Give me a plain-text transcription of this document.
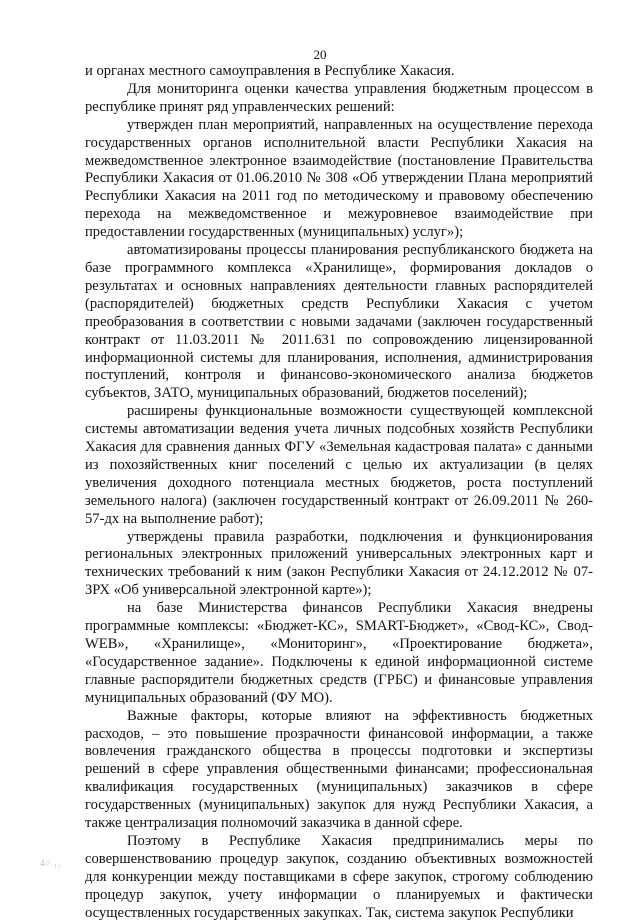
20

и органах местного самоуправления в Республике Хакасия.

Для мониторинга оценки качества управления бюджетным процессом в республике принят ряд управленческих решений:

утвержден план мероприятий, направленных на осуществление перехода государственных органов исполнительной власти Республики Хакасия на межведомственное электронное взаимодействие (постановление Правительства Республики Хакасия от 01.06.2010 № 308 «Об утверждении Плана мероприятий Республики Хакасия на 2011 год по методическому и правовому обеспечению перехода на межведомственное и межуровневое взаимодействие при предоставлении государственных (муниципальных) услуг»);

автоматизированы процессы планирования республиканского бюджета на базе программного комплекса «Хранилище», формирования докладов о результатах и основных направлениях деятельности главных распорядителей (распорядителей) бюджетных средств Республики Хакасия с учетом преобразования в соответствии с новыми задачами (заключен государственный контракт от 11.03.2011 № 2011.631 по сопровождению лицензированной информационной системы для планирования, исполнения, администрирования поступлений, контроля и финансово-экономического анализа бюджетов субъектов, ЗАТО, муниципальных образований, бюджетов поселений);

расширены функциональные возможности существующей комплексной системы автоматизации ведения учета личных подсобных хозяйств Республики Хакасия для сравнения данных ФГУ «Земельная кадастровая палата» с данными из похозяйственных книг поселений с целью их актуализации (в целях увеличения доходного потенциала местных бюджетов, роста поступлений земельного налога) (заключен государственный контракт от 26.09.2011 № 260-57-дх на выполнение работ);

утверждены правила разработки, подключения и функционирования региональных электронных приложений универсальных электронных карт и технических требований к ним (закон Республики Хакасия от 24.12.2012 № 07-ЗРХ «Об универсальной электронной карте»);

на базе Министерства финансов Республики Хакасия внедрены программные комплексы: «Бюджет-КС», SMART-Бюджет», «Свод-КС», Свод-WEB», «Хранилище», «Мониторинг», «Проектирование бюджета», «Государственное задание». Подключены к единой информационной системе главные распорядители бюджетных средств (ГРБС) и финансовые управления муниципальных образований (ФУ МО).

Важные факторы, которые влияют на эффективность бюджетных расходов, – это повышение прозрачности финансовой информации, а также вовлечения гражданского общества в процессы подготовки и экспертизы решений в сфере управления общественными финансами; профессиональная квалификация государственных (муниципальных) заказчиков в сфере государственных (муниципальных) закупок для нужд Республики Хакасия, а также централизация полномочий заказчика в данной сфере.

Поэтому в Республике Хакасия предпринимались меры по совершенствованию процедур закупок, созданию объективных возможностей для конкуренции между поставщиками в сфере закупок, строгому соблюдению процедур закупок, учету информации о планируемых и фактически осуществленных государственных закупках. Так, система закупок Республики

4∕∕ ₁₂
